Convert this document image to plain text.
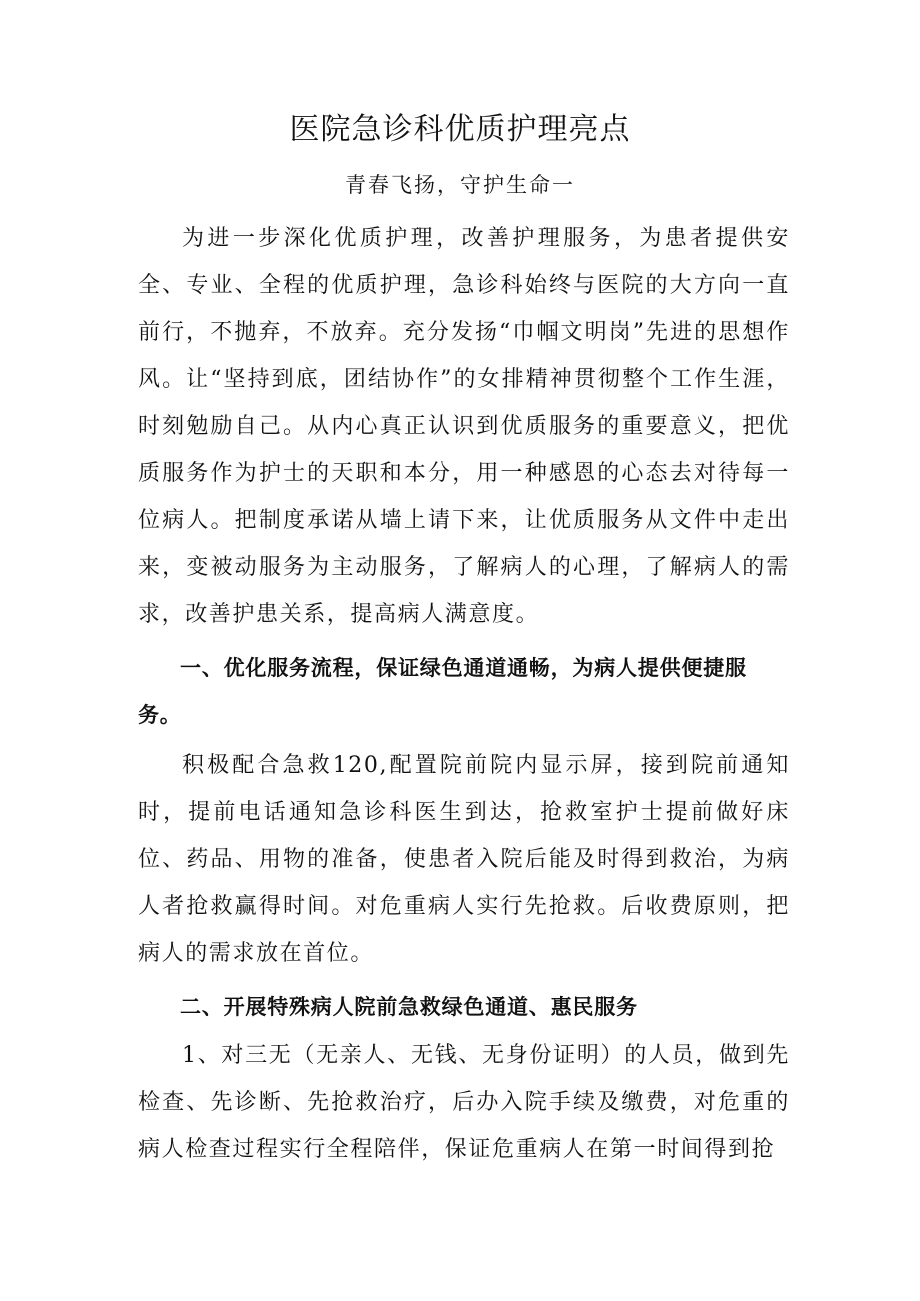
医院急诊科优质护理亮点
青春飞扬，守护生命一

为进一步深化优质护理，改善护理服务，为患者提供安全、专业、全程的优质护理，急诊科始终与医院的大方向一直前行，不抛弃，不放弃。充分发扬“巾帼文明岗”先进的思想作风。让“坚持到底，团结协作”的女排精神贯彻整个工作生涯，时刻勉励自己。从内心真正认识到优质服务的重要意义，把优质服务作为护士的天职和本分，用一种感恩的心态去对待每一位病人。把制度承诺从墙上请下来，让优质服务从文件中走出来，变被动服务为主动服务，了解病人的心理，了解病人的需求，改善护患关系，提高病人满意度。

一、优化服务流程，保证绿色通道通畅，为病人提供便捷服务。

积极配合急救120,配置院前院内显示屏，接到院前通知时，提前电话通知急诊科医生到达，抢救室护士提前做好床位、药品、用物的准备，使患者入院后能及时得到救治，为病人者抢救赢得时间。对危重病人实行先抢救。后收费原则，把病人的需求放在首位。

二、开展特殊病人院前急救绿色通道、惠民服务

1、对三无（无亲人、无钱、无身份证明）的人员，做到先检查、先诊断、先抢救治疗，后办入院手续及缴费，对危重的病人检查过程实行全程陪伴，保证危重病人在第一时间得到抢
